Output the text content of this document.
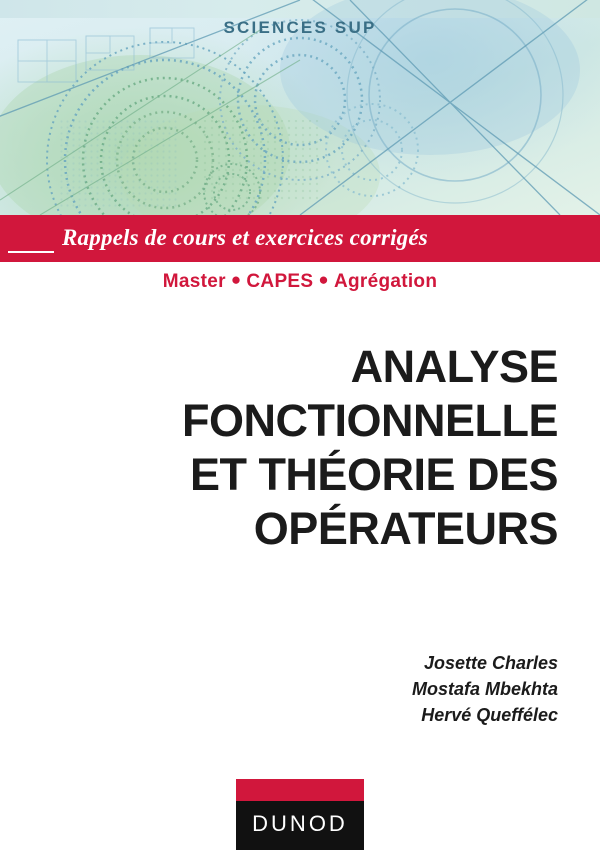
SCIENCES SUP
Rappels de cours et exercices corrigés
Master ● CAPES ● Agrégation
ANALYSE
FONCTIONNELLE
ET THÉORIE DES
OPÉRATEURS
Josette Charles
Mostafa Mbekhta
Hervé Queffélec
DUNOD
